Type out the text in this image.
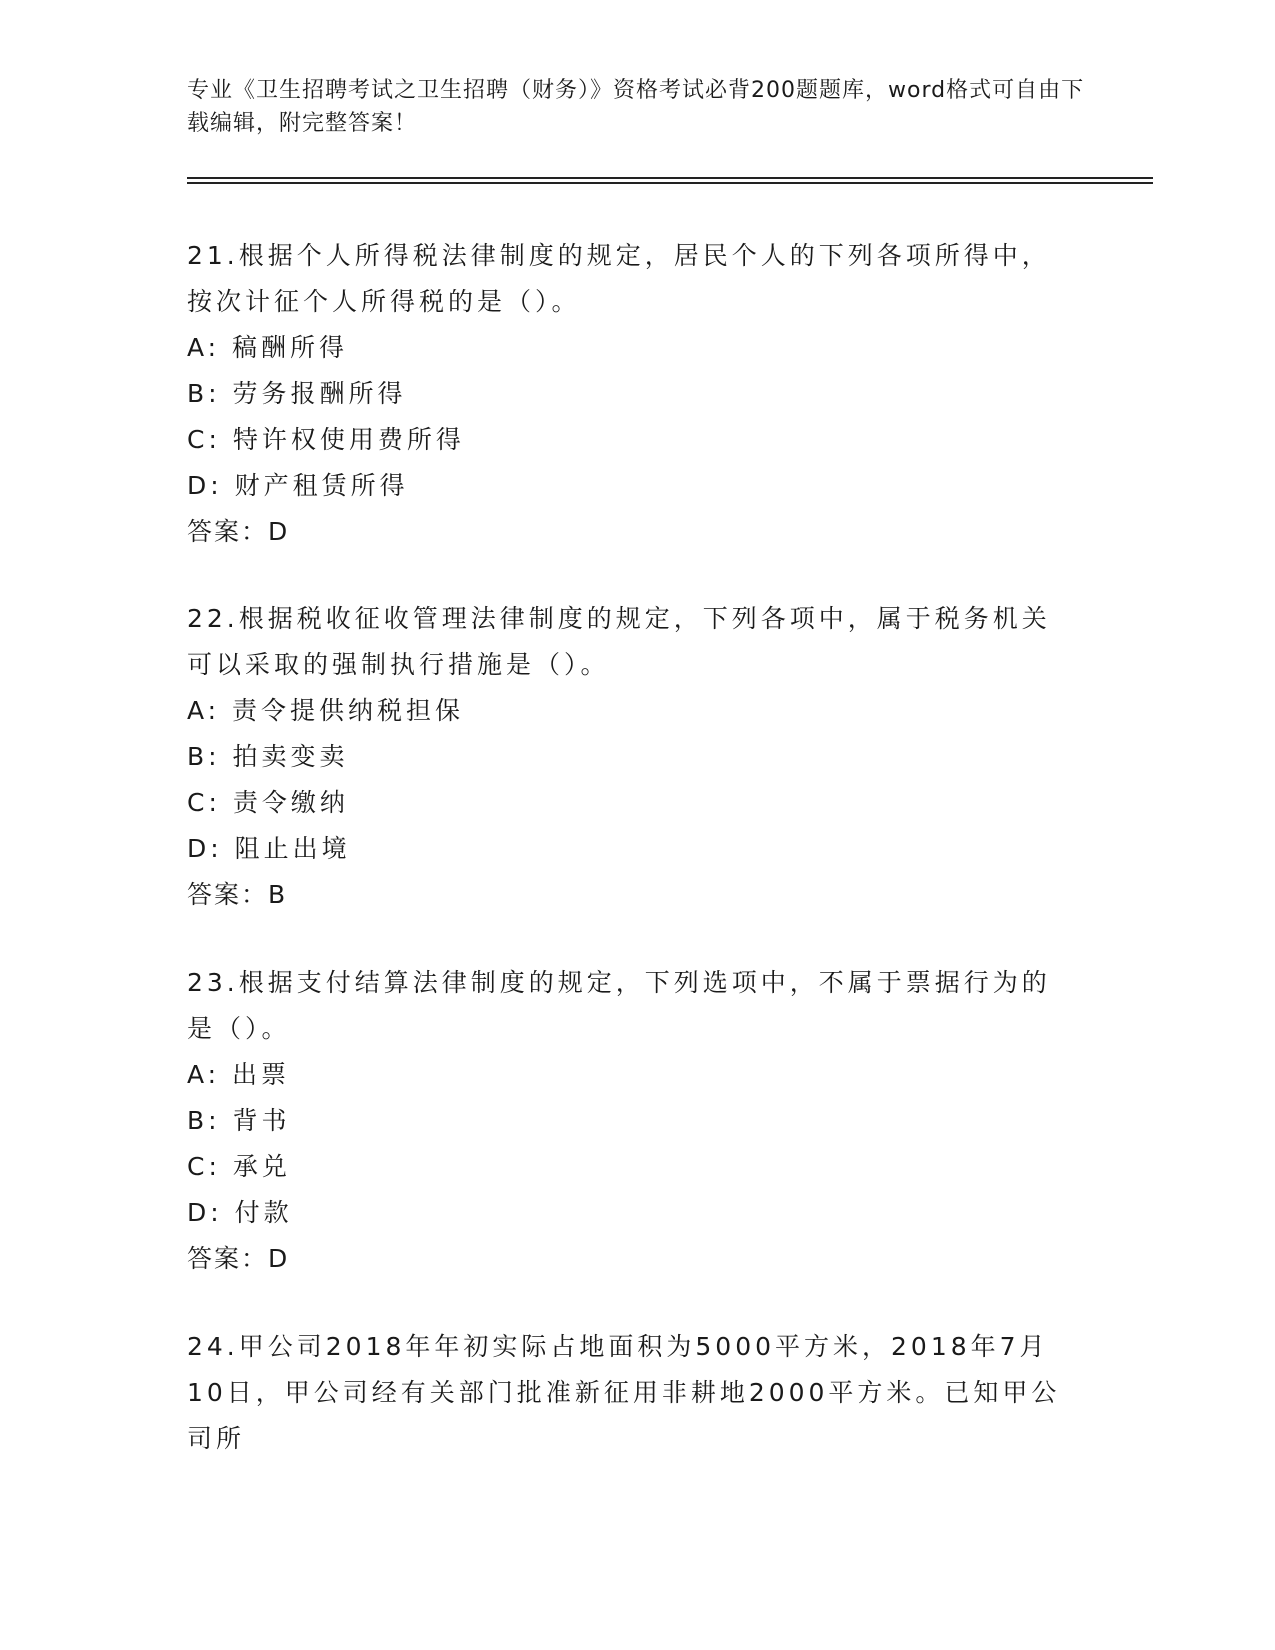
专业《卫生招聘考试之卫生招聘（财务）》资格考试必背200题题库，word格式可自由下载编辑，附完整答案！

21.根据个人所得税法律制度的规定，居民个人的下列各项所得中，按次计征个人所得税的是（）。

A: 稿酬所得

B: 劳务报酬所得

C: 特许权使用费所得

D: 财产租赁所得

答案：D

22.根据税收征收管理法律制度的规定，下列各项中，属于税务机关可以采取的强制执行措施是（）。

A: 责令提供纳税担保

B: 拍卖变卖

C: 责令缴纳

D: 阻止出境

答案：B

23.根据支付结算法律制度的规定，下列选项中，不属于票据行为的是（）。

A: 出票

B: 背书

C: 承兑

D: 付款

答案：D

24.甲公司2018年年初实际占地面积为5000平方米，2018年7月10日，甲公司经有关部门批准新征用非耕地2000平方米。已知甲公司所
